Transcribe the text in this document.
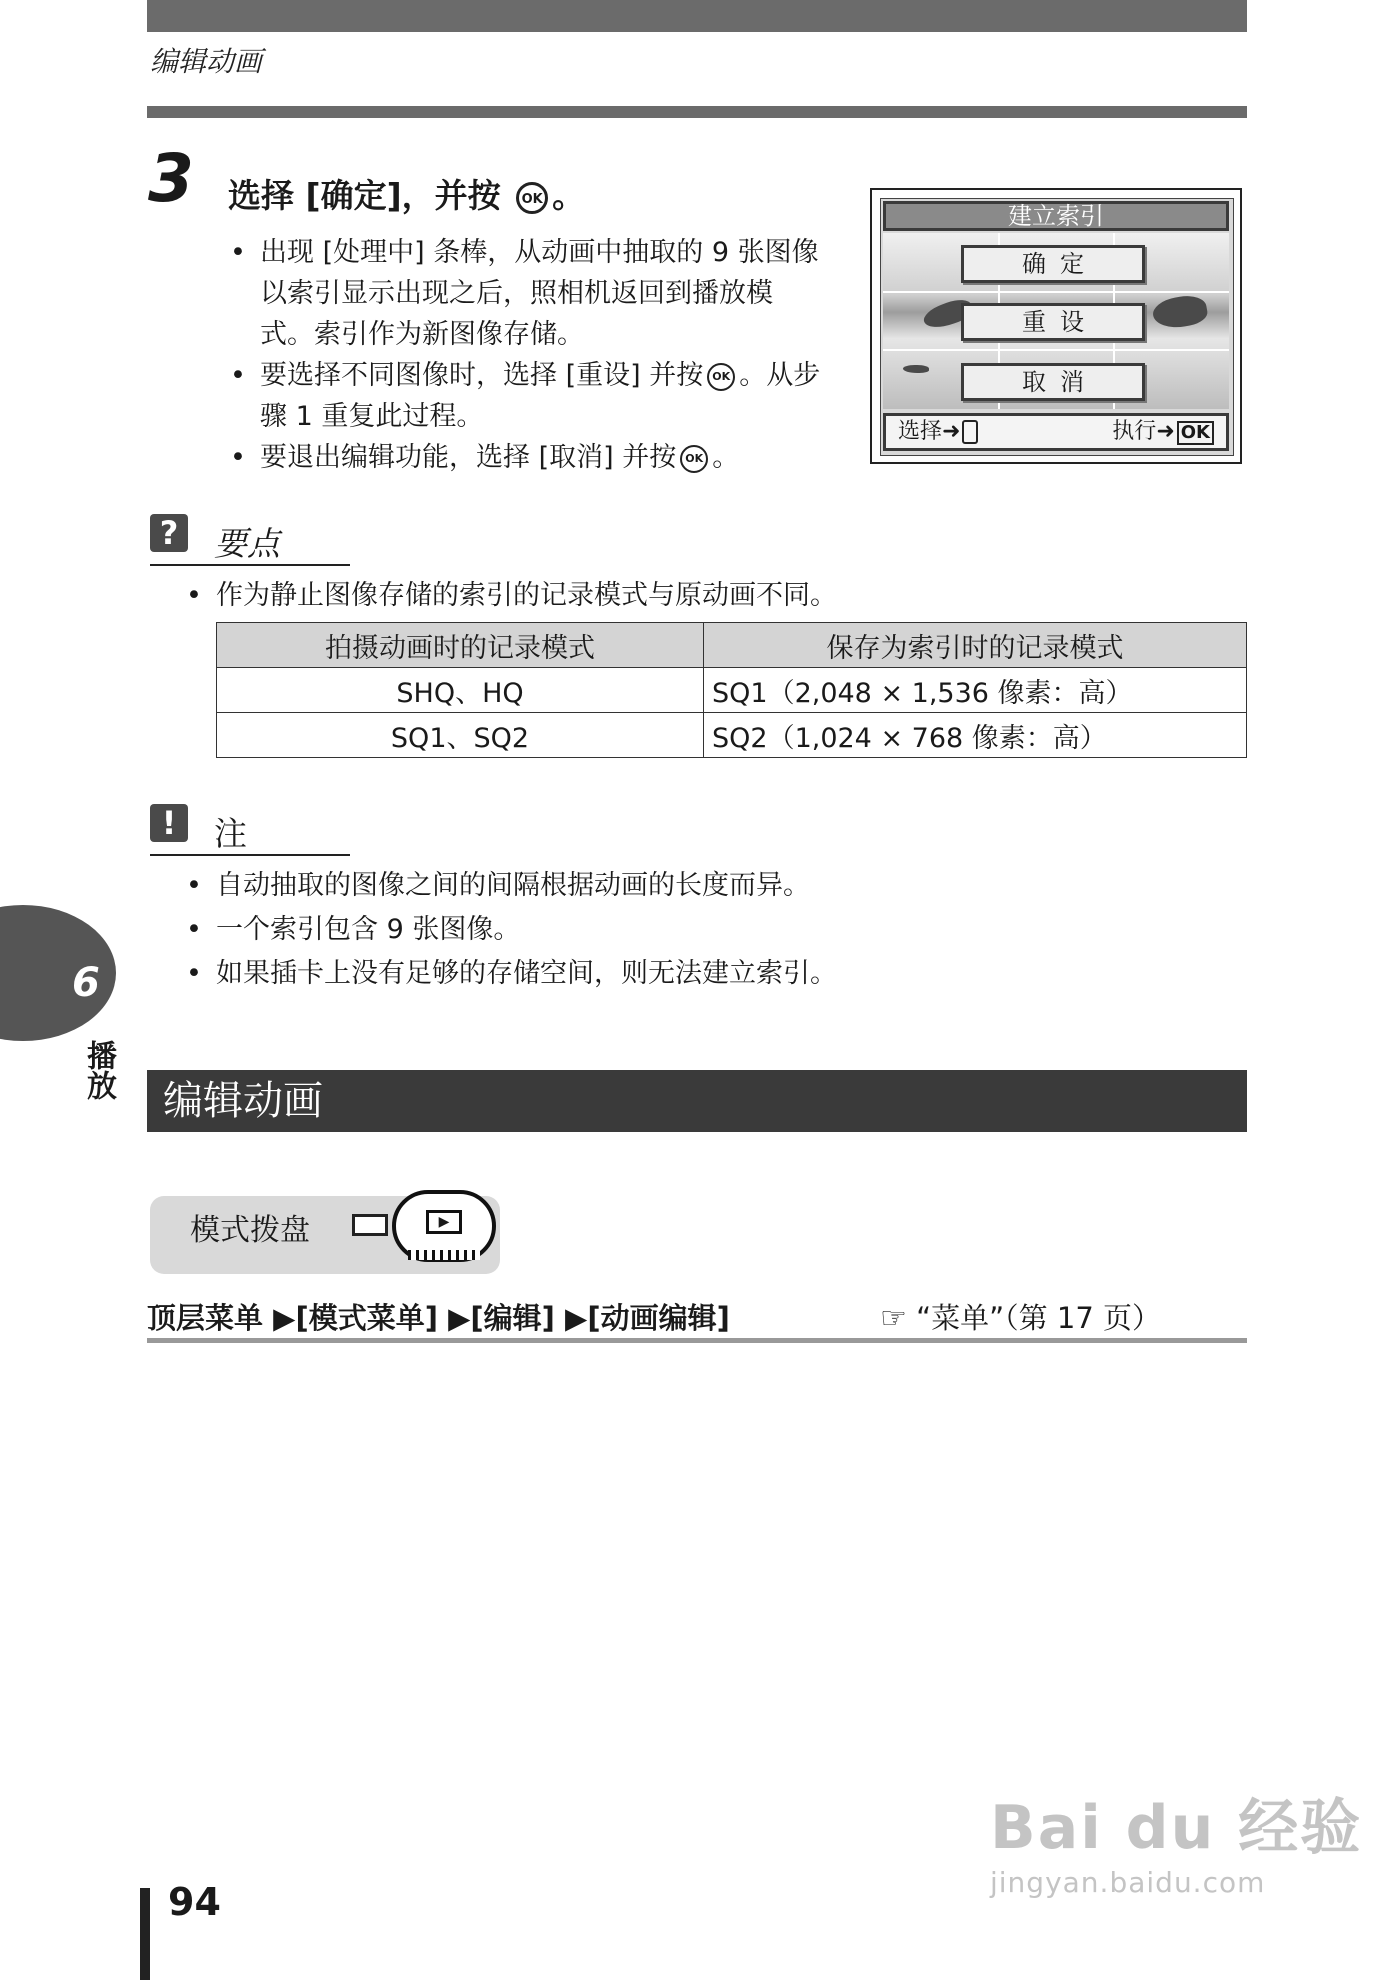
编辑动画
3 选择 [确定]，并按 OK 。
• 出现 [处理中] 条棒，从动画中抽取的 9 张图像以索引显示出现之后，照相机返回到播放模式。索引作为新图像存储。
• 要选择不同图像时，选择 [重设] 并按 OK 。从步骤 1 重复此过程。
• 要退出编辑功能，选择 [取消] 并按 OK 。
建立索引
确定
重设
取消
选择➜	执行➜ OK
? 要点
• 作为静止图像存储的索引的记录模式与原动画不同。
拍摄动画时的记录模式	保存为索引时的记录模式
SHQ、HQ	SQ1（2,048 × 1,536 像素：高）
SQ1、SQ2	SQ2（1,024 × 768 像素：高）
!	注
• 自动抽取的图像之间的间隔根据动画的长度而异。
• 一个索引包含 9 张图像。
• 如果插卡上没有足够的存储空间，则无法建立索引。
6
播放
编辑动画
模式拨盘	▶
顶层菜单 ▶[模式菜单] ▶[编辑] ▶[动画编辑]	☞ “菜单”（第 17 页）
94
Bai du 经验
jingyan.baidu.com
